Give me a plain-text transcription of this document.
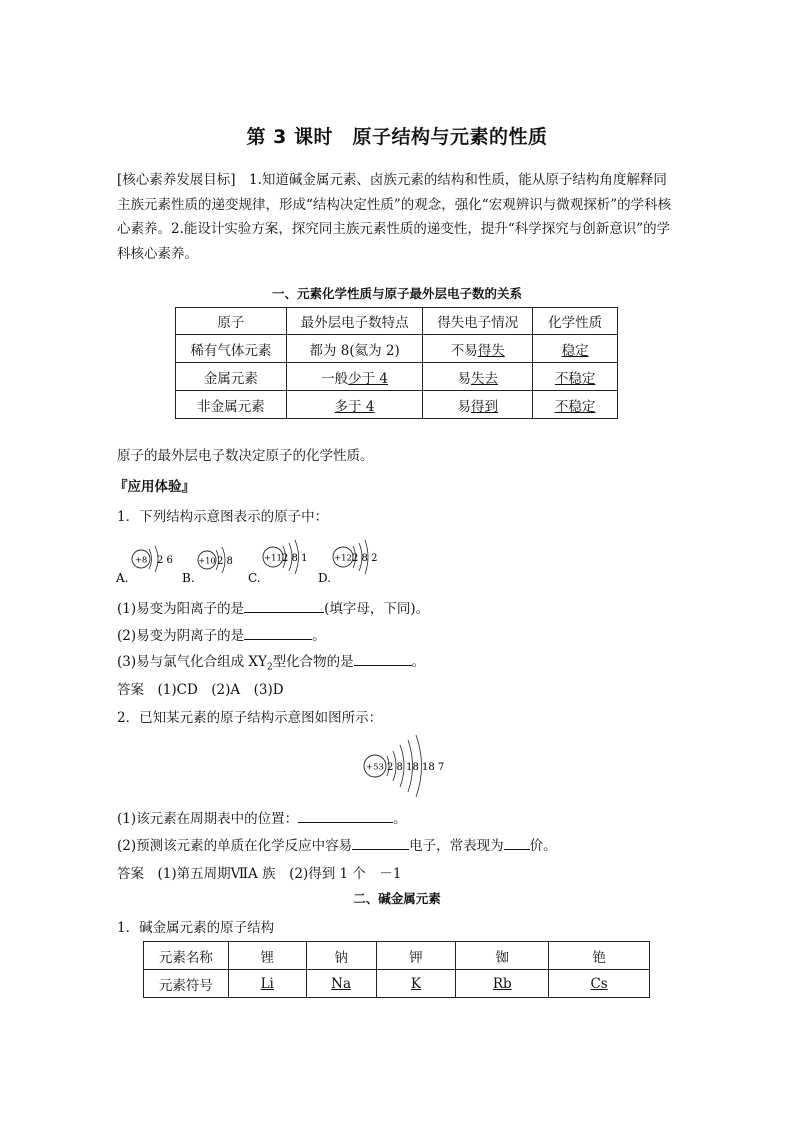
第 3 课时　原子结构与元素的性质
[核心素养发展目标]　1.知道碱金属元素、卤族元素的结构和性质，能从原子结构角度解释同主族元素性质的递变规律，形成“结构决定性质”的观念，强化“宏观辨识与微观探析”的学科核心素养。2.能设计实验方案，探究同主族元素性质的递变性，提升“科学探究与创新意识”的学科核心素养。
一、元素化学性质与原子最外层电子数的关系
原子	最外层电子数特点	得失电子情况	化学性质
稀有气体元素	都为 8(氦为 2)	不易得失	稳定
金属元素	一般少于 4	易失去	不稳定
非金属元素	多于 4	易得到	不稳定
原子的最外层电子数决定原子的化学性质。
『应用体验』
1．下列结构示意图表示的原子中：
+8 2 6
A.
+10 2 8
B.
+11 2 8 1
C.
+12 2 8 2
D.
(1)易变为阳离子的是	(填字母，下同)。
(2)易变为阴离子的是	。
(3)易与氯气化合组成 $XY_2$型化合物的是	。
答案　(1)CD　(2)A　(3)D
2．已知某元素的原子结构示意图如图所示：
+53 2 8 18 18 7
(1)该元素在周期表中的位置：	。
(2)预测该元素的单质在化学反应中容易	电子，常表现为 价。
答案　(1)第五周期ⅦA 族　(2)得到 1 个　－1
二、碱金属元素
1．碱金属元素的原子结构
元素名称	锂	钠	钾	铷	铯
元素符号	Li	Na	K	Rb	Cs
